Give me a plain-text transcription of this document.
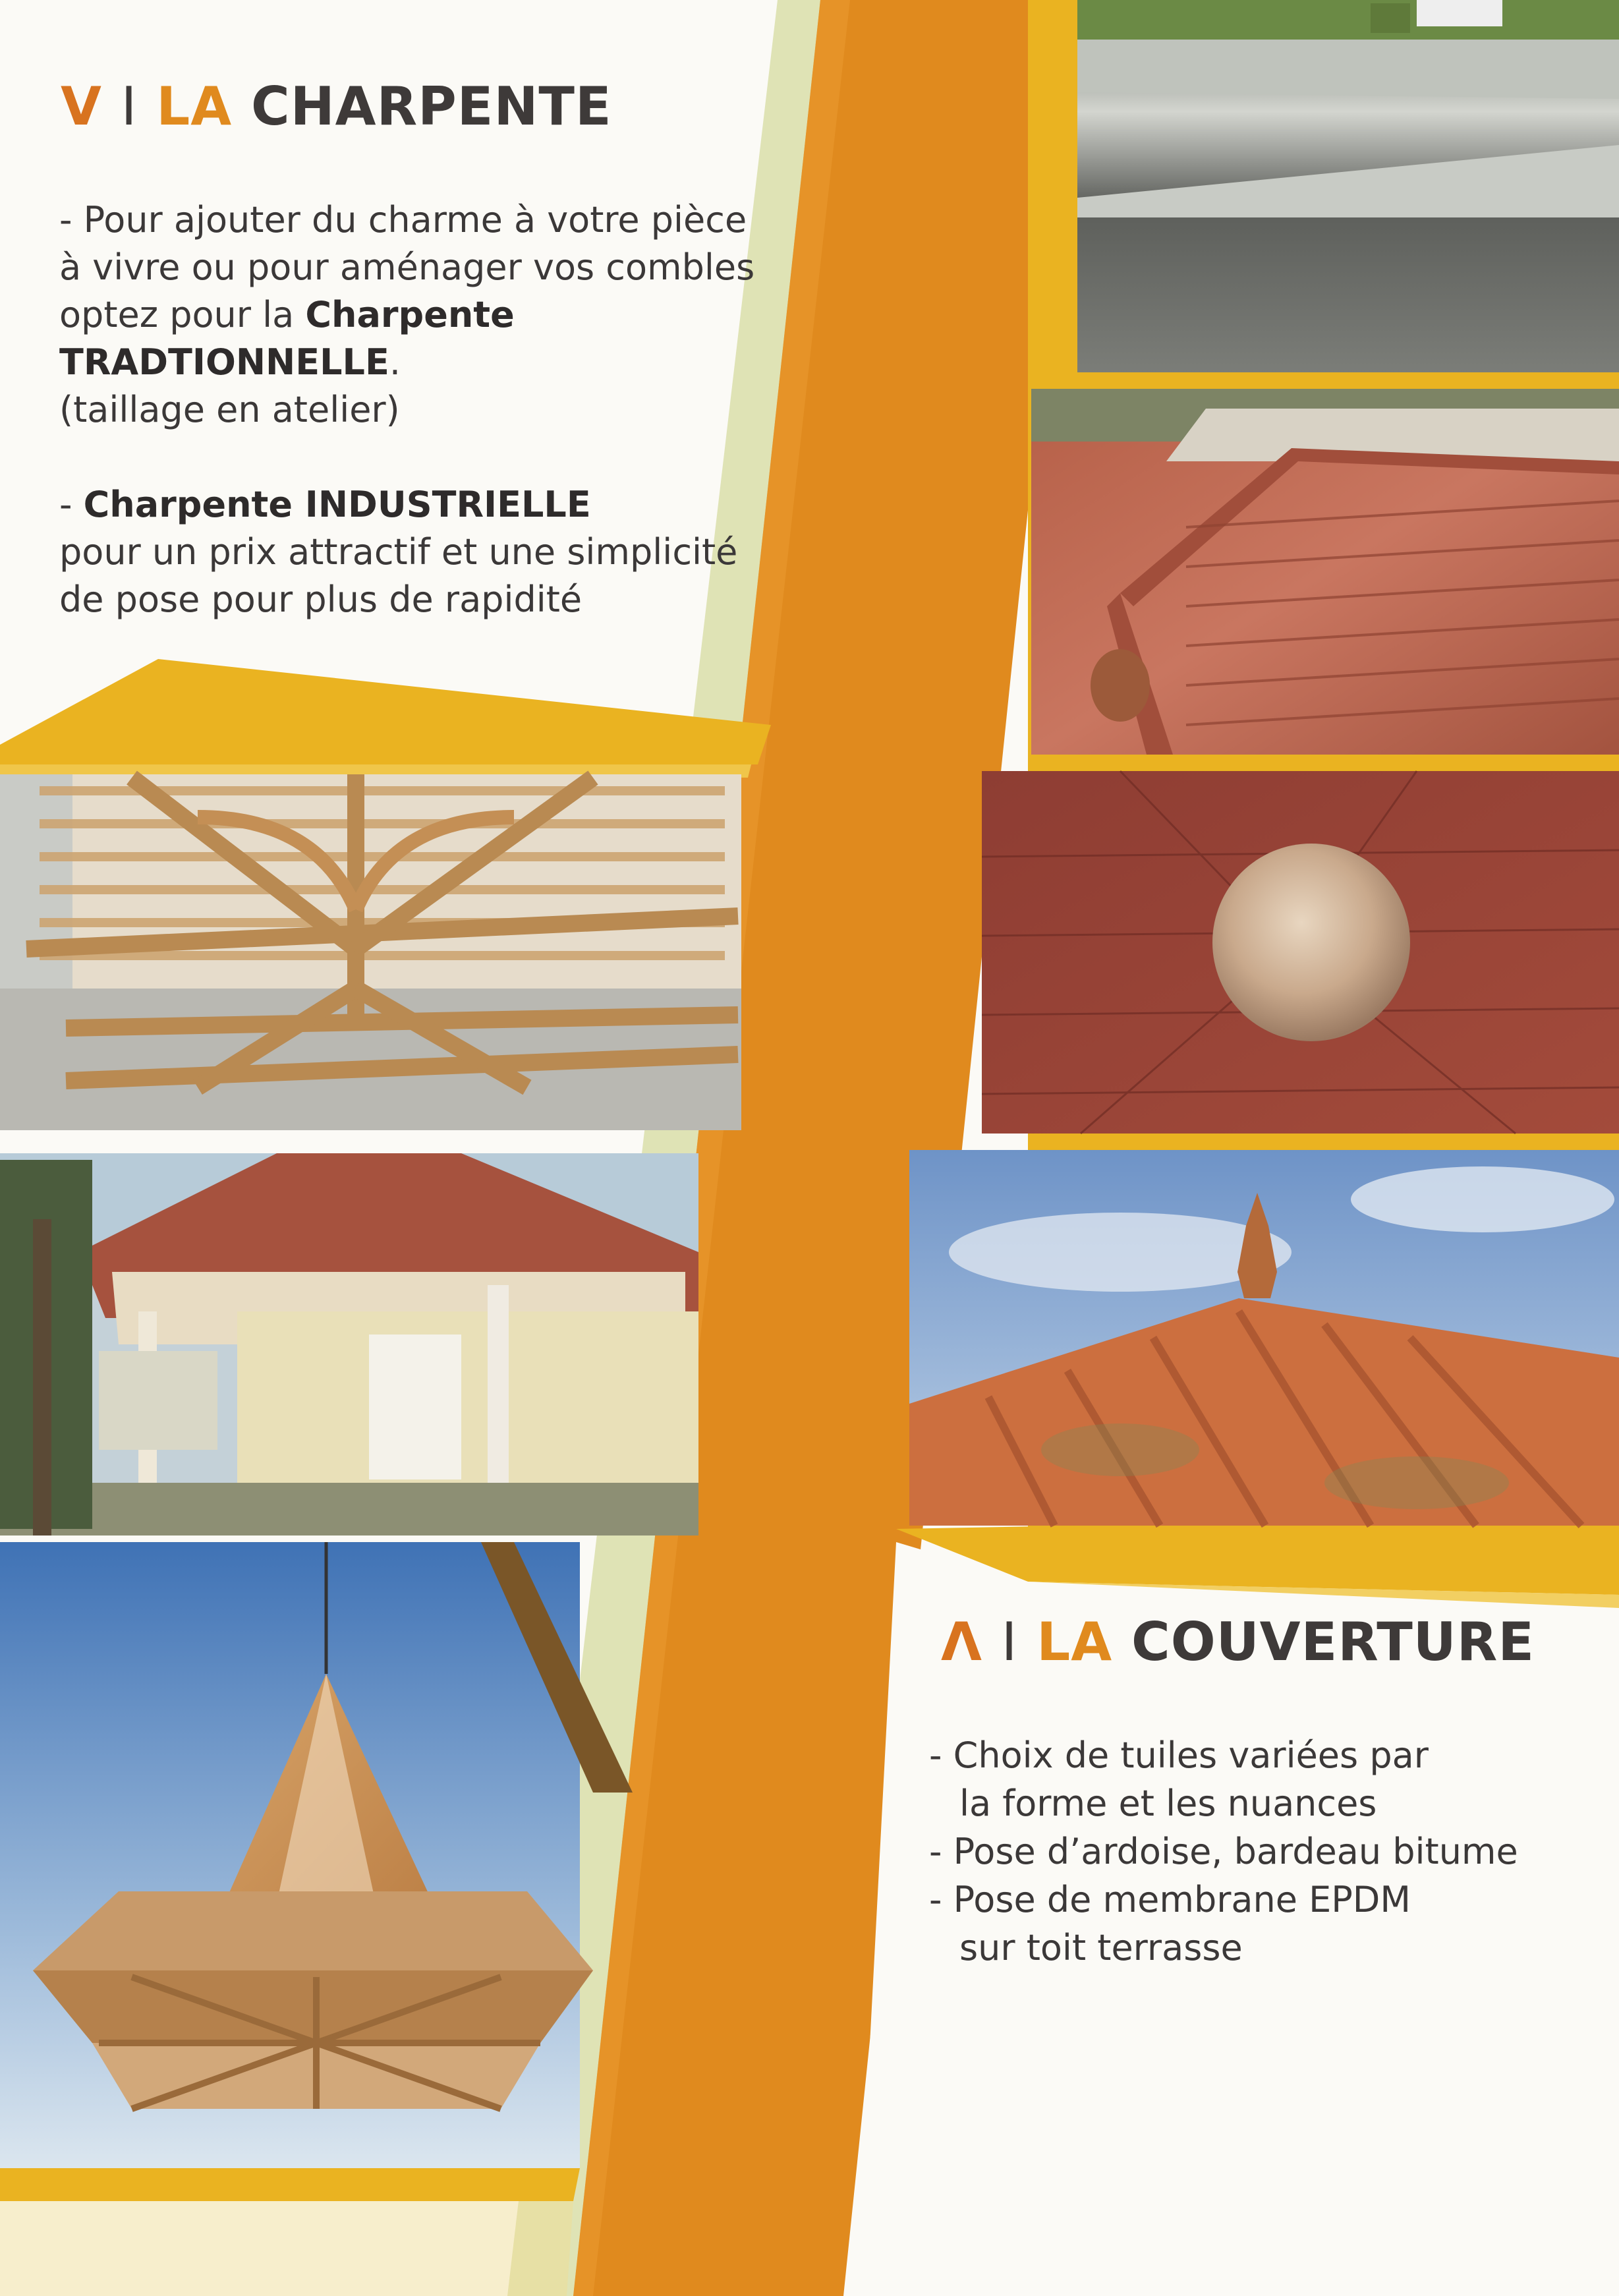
V I LA CHARPENTE

- Pour ajouter du charme à votre pièce

à vivre ou pour aménager vos combles

optez pour la Charpente

TRADTIONNELLE.

(taillage en atelier)

- Charpente INDUSTRIELLE

pour un prix attractif et une simplicité

de pose pour plus de rapidité

Λ I LA COUVERTURE

- Choix de tuiles variées par

la forme et les nuances

- Pose d’ardoise, bardeau bitume

- Pose de membrane EPDM

sur toit terrasse
